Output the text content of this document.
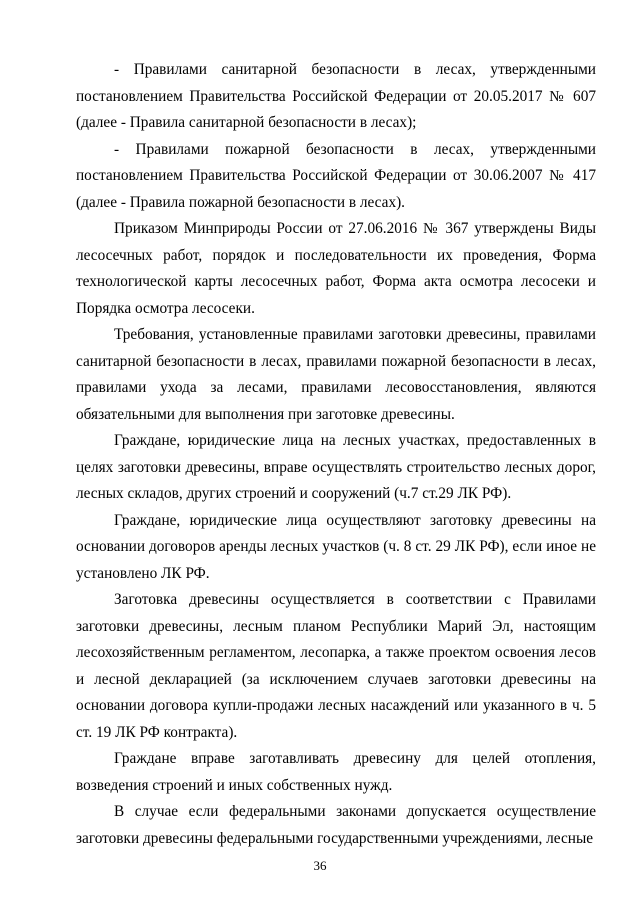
- Правилами санитарной безопасности в лесах, утвержденными постановлением Правительства Российской Федерации от 20.05.2017 № 607 (далее - Правила санитарной безопасности в лесах);

- Правилами пожарной безопасности в лесах, утвержденными постановлением Правительства Российской Федерации от 30.06.2007 № 417 (далее - Правила пожарной безопасности в лесах).

Приказом Минприроды России от 27.06.2016 № 367 утверждены Виды лесосечных работ, порядок и последовательности их проведения, Форма технологической карты лесосечных работ, Форма акта осмотра лесосеки и Порядка осмотра лесосеки.

Требования, установленные правилами заготовки древесины, правилами санитарной безопасности в лесах, правилами пожарной безопасности в лесах, правилами ухода за лесами, правилами лесовосстановления, являются обязательными для выполнения при заготовке древесины.

Граждане, юридические лица на лесных участках, предоставленных в целях заготовки древесины, вправе осуществлять строительство лесных дорог, лесных складов, других строений и сооружений (ч.7 ст.29 ЛК РФ).

Граждане, юридические лица осуществляют заготовку древесины на основании договоров аренды лесных участков (ч. 8 ст. 29 ЛК РФ), если иное не установлено ЛК РФ.

Заготовка древесины осуществляется в соответствии с Правилами заготовки древесины, лесным планом Республики Марий Эл, настоящим лесохозяйственным регламентом, лесопарка, а также проектом освоения лесов и лесной декларацией (за исключением случаев заготовки древесины на основании договора купли-продажи лесных насаждений или указанного в ч. 5 ст. 19 ЛК РФ контракта).

Граждане вправе заготавливать древесину для целей отопления, возведения строений и иных собственных нужд.

В случае если федеральными законами допускается осуществление заготовки древесины федеральными государственными учреждениями, лесные

36
